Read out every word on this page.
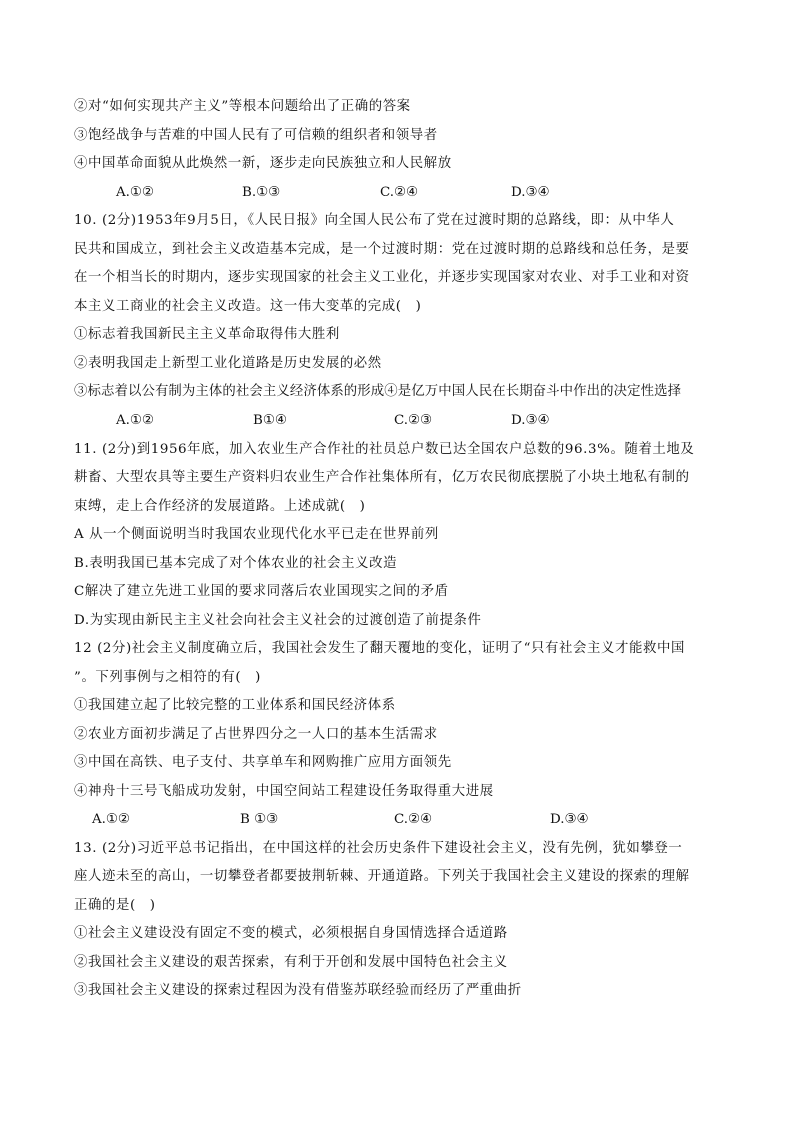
②对“如何实现共产主义”等根本问题给出了正确的答案
③饱经战争与苦难的中国人民有了可信赖的组织者和领导者
④中国革命面貌从此焕然一新，逐步走向民族独立和人民解放
A.①②	B.①③	C.②④	D.③④
10. (2分)1953年9月5日，《人民日报》向全国人民公布了党在过渡时期的总路线，即：从中华人
民共和国成立，到社会主义改造基本完成，是一个过渡时期：党在过渡时期的总路线和总任务，是要
在一个相当长的时期内，逐步实现国家的社会主义工业化，并逐步实现国家对农业、对手工业和对资
本主义工商业的社会主义改造。这一伟大变革的完成(　)
①标志着我国新民主主义革命取得伟大胜利
②表明我国走上新型工业化道路是历史发展的必然
③标志着以公有制为主体的社会主义经济体系的形成④是亿万中国人民在长期奋斗中作出的决定性选择
A.①②	B①④	C.②③	D.③④
11. (2分)到1956年底，加入农业生产合作社的社员总户数已达全国农户总数的96.3%。随着土地及
耕畜、大型农具等主要生产资料归农业生产合作社集体所有，亿万农民彻底摆脱了小块土地私有制的
束缚，走上合作经济的发展道路。上述成就(　)
A 从一个侧面说明当时我国农业现代化水平已走在世界前列
B.表明我国已基本完成了对个体农业的社会主义改造
C解决了建立先进工业国的要求同落后农业国现实之间的矛盾
D.为实现由新民主主义社会向社会主义社会的过渡创造了前提条件
12 (2分)社会主义制度确立后，我国社会发生了翻天覆地的变化，证明了“只有社会主义才能救中国
”。下列事例与之相符的有(　)
①我国建立起了比较完整的工业体系和国民经济体系
②农业方面初步满足了占世界四分之一人口的基本生活需求
③中国在高铁、电子支付、共享单车和网购推广应用方面领先
④神舟十三号飞船成功发射，中国空间站工程建设任务取得重大进展
A.①②	B ①③	C.②④	D.③④
13. (2分)习近平总书记指出，在中国这样的社会历史条件下建设社会主义，没有先例，犹如攀登一
座人迹未至的高山，一切攀登者都要披荆斩棘、开通道路。下列关于我国社会主义建设的探索的理解
正确的是(　)
①社会主义建设没有固定不变的模式，必须根据自身国情选择合适道路
②我国社会主义建设的艰苦探索，有利于开创和发展中国特色社会主义
③我国社会主义建设的探索过程因为没有借鉴苏联经验而经历了严重曲折
